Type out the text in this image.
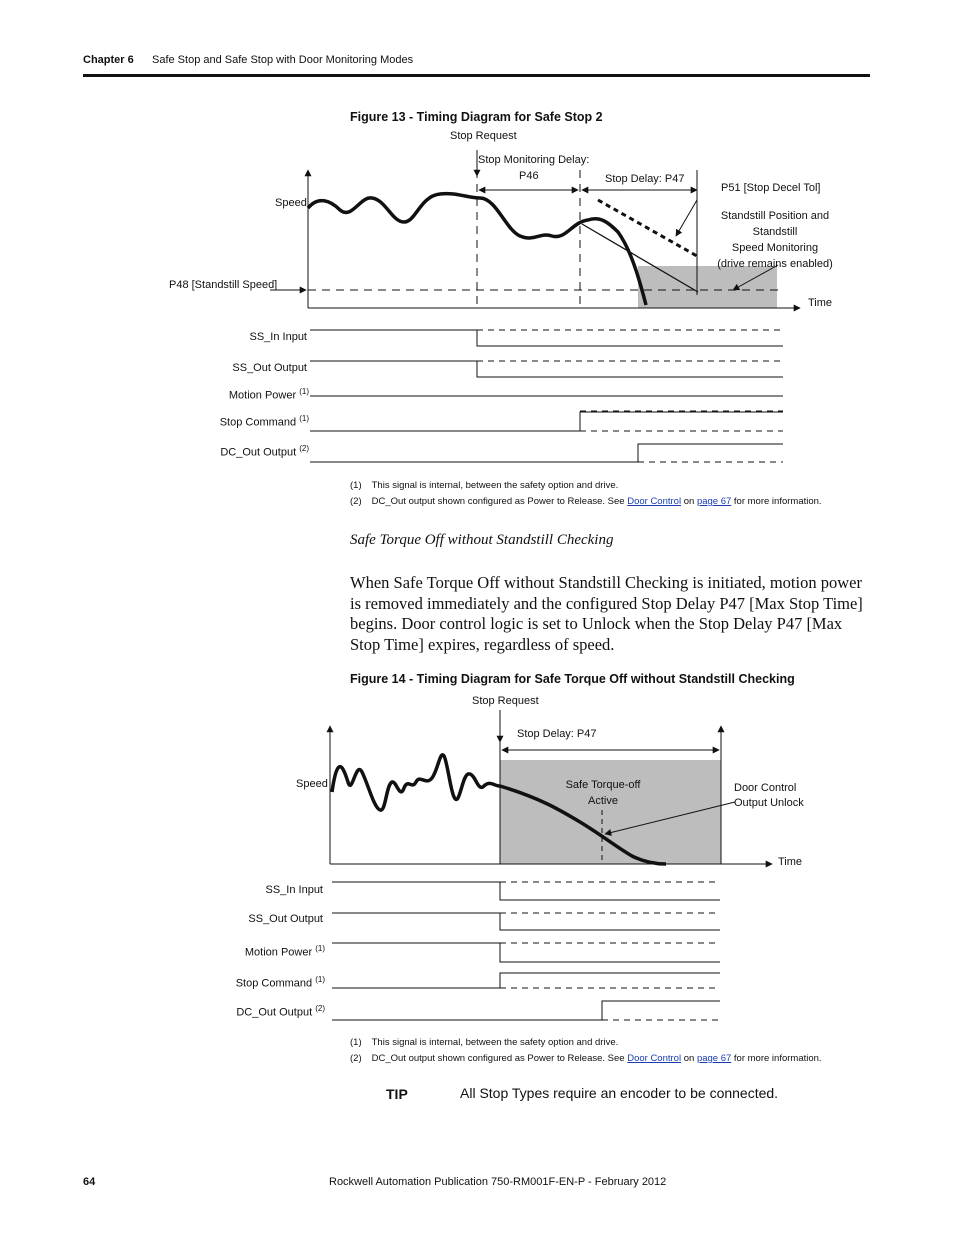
Chapter 6 Safe Stop and Safe Stop with Door Monitoring Modes
Figure 13 - Timing Diagram for Safe Stop 2
Stop Request
Stop Monitoring Delay:
P46	Stop Delay: P47
P51 [Stop Decel Tol]
Standstill Position and Standstill
Speed Monitoring
(drive remains enabled)
Speed
P48 [Standstill Speed]
Time
SS_In Input
SS_Out Output
Motion Power $^{(1)}$
Stop Command $^{(1)}$
DC_Out Output $^{(2)}$
(1) This signal is internal, between the safety option and drive.
(2) DC_Out output shown configured as Power to Release. See Door Control on page 67 for more information.
Safe Torque Off without Standstill Checking
When Safe Torque Off without Standstill Checking is initiated, motion power is removed immediately and the configured Stop Delay P47 [Max Stop Time] begins. Door control logic is set to Unlock when the Stop Delay P47 [Max Stop Time] expires, regardless of speed.
Figure 14 - Timing Diagram for Safe Torque Off without Standstill Checking
Stop Request
Stop Delay: P47
Safe Torque-off
Active
Door Control
Output Unlock
Speed
Time
SS_In Input
SS_Out Output
Motion Power $^{(1)}$
Stop Command $^{(1)}$
DC_Out Output $^{(2)}$
(1) This signal is internal, between the safety option and drive.
(2) DC_Out output shown configured as Power to Release. See Door Control on page 67 for more information.
TIP	All Stop Types require an encoder to be connected.
64	Rockwell Automation Publication 750-RM001F-EN-P - February 2012
